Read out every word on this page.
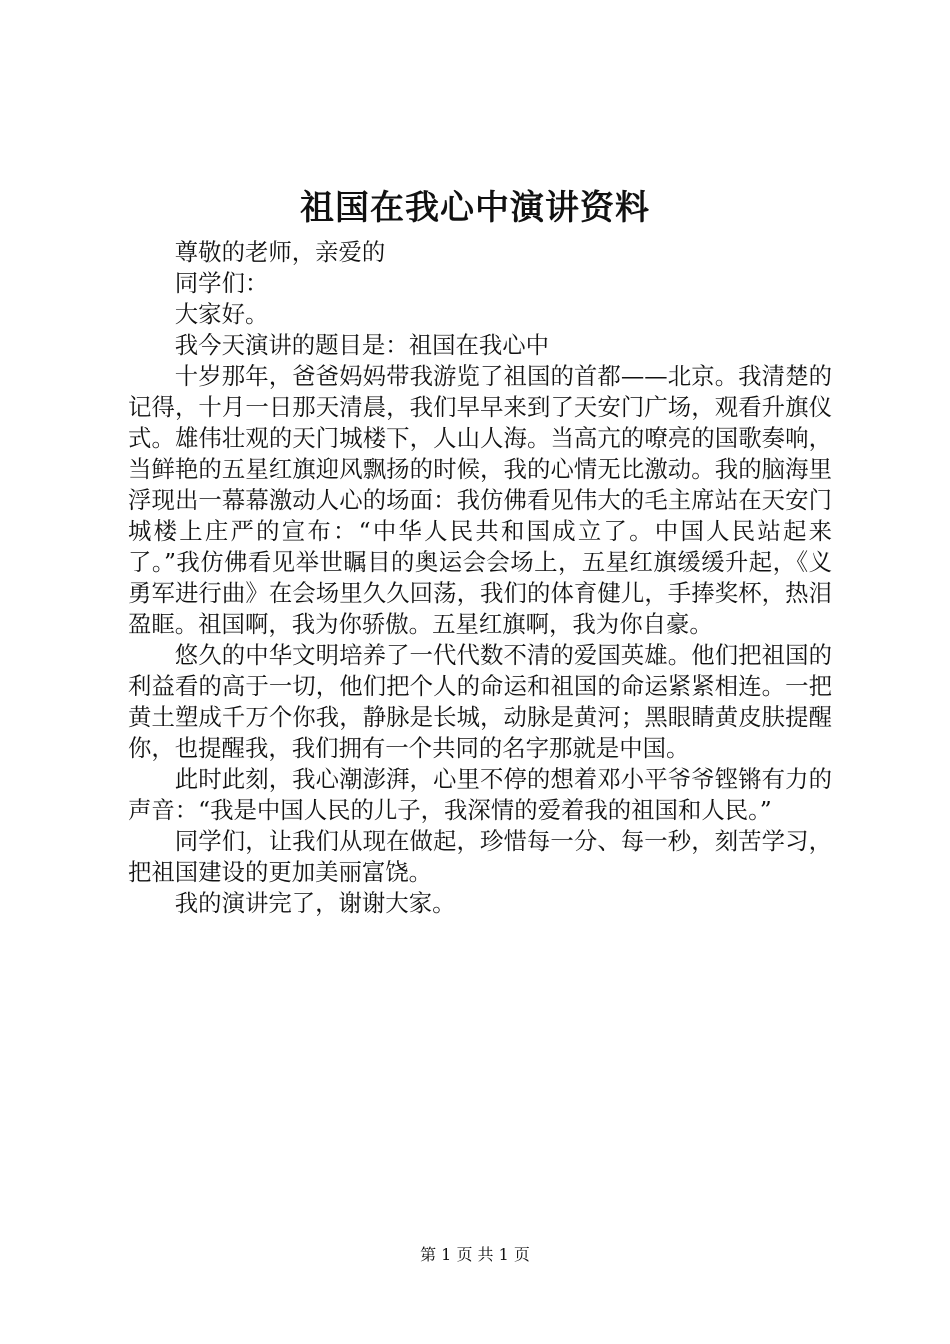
祖国在我心中演讲资料

尊敬的老师，亲爱的

同学们：

大家好。

我今天演讲的题目是：祖国在我心中

十岁那年，爸爸妈妈带我游览了祖国的首都——北京。我清楚的记得，十月一日那天清晨，我们早早来到了天安门广场，观看升旗仪式。雄伟壮观的天门城楼下，人山人海。当高亢的嘹亮的国歌奏响，当鲜艳的五星红旗迎风飘扬的时候，我的心情无比激动。我的脑海里浮现出一幕幕激动人心的场面：我仿佛看见伟大的毛主席站在天安门城楼上庄严的宣布：“中华人民共和国成立了。中国人民站起来了。”我仿佛看见举世瞩目的奥运会会场上，五星红旗缓缓升起，《义勇军进行曲》在会场里久久回荡，我们的体育健儿，手捧奖杯，热泪盈眶。祖国啊，我为你骄傲。五星红旗啊，我为你自豪。

悠久的中华文明培养了一代代数不清的爱国英雄。他们把祖国的利益看的高于一切，他们把个人的命运和祖国的命运紧紧相连。一把黄土塑成千万个你我，静脉是长城，动脉是黄河；黑眼睛黄皮肤提醒你，也提醒我，我们拥有一个共同的名字那就是中国。

此时此刻，我心潮澎湃，心里不停的想着邓小平爷爷铿锵有力的声音：“我是中国人民的儿子，我深情的爱着我的祖国和人民。”

同学们，让我们从现在做起，珍惜每一分、每一秒，刻苦学习，把祖国建设的更加美丽富饶。

我的演讲完了，谢谢大家。

第 1 页 共 1 页
